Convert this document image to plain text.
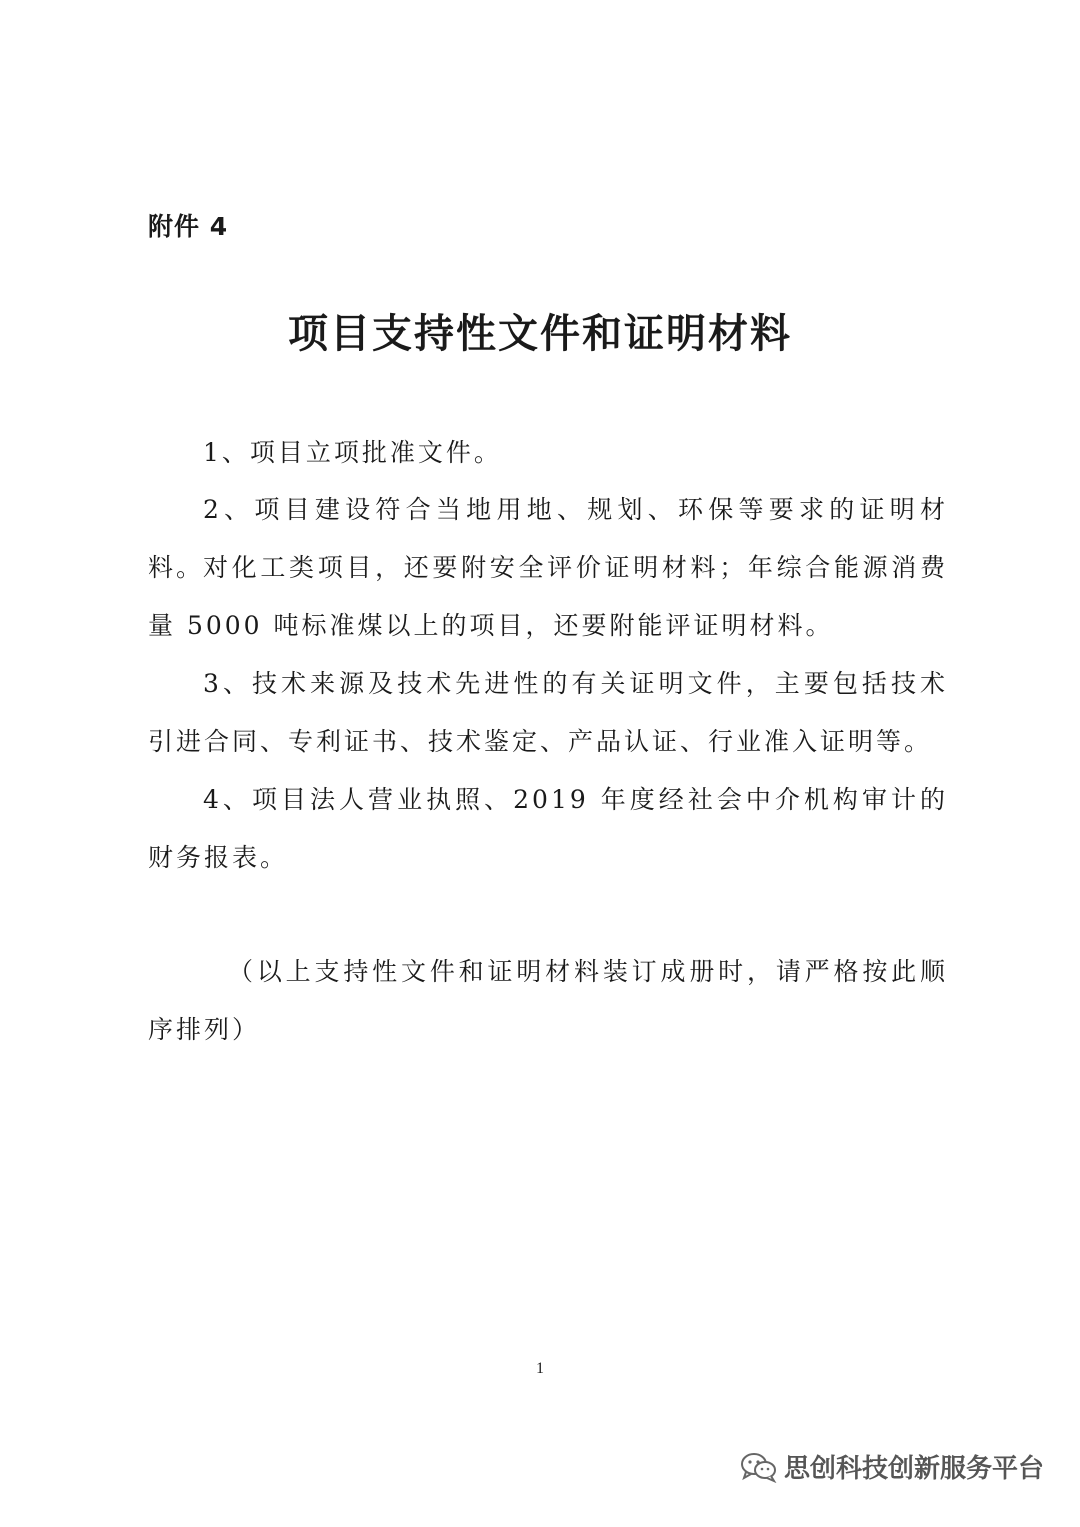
附件 4
项目支持性文件和证明材料

1、项目立项批准文件。

2、项目建设符合当地用地、规划、环保等要求的证明材料。

对化工类项目，还要附安全评价证明材料；年综合能源消费量 5000 吨标准煤以上的项目，还要附能评证明材料。

3、技术来源及技术先进性的有关证明文件，主要包括技术引进合同、专利证书、技术鉴定、产品认证、行业准入证明等。

4、项目法人营业执照、2019 年度经社会中介机构审计的财务报表。

（以上支持性文件和证明材料装订成册时，请严格按此顺序排列）

1
思创科技创新服务平台
